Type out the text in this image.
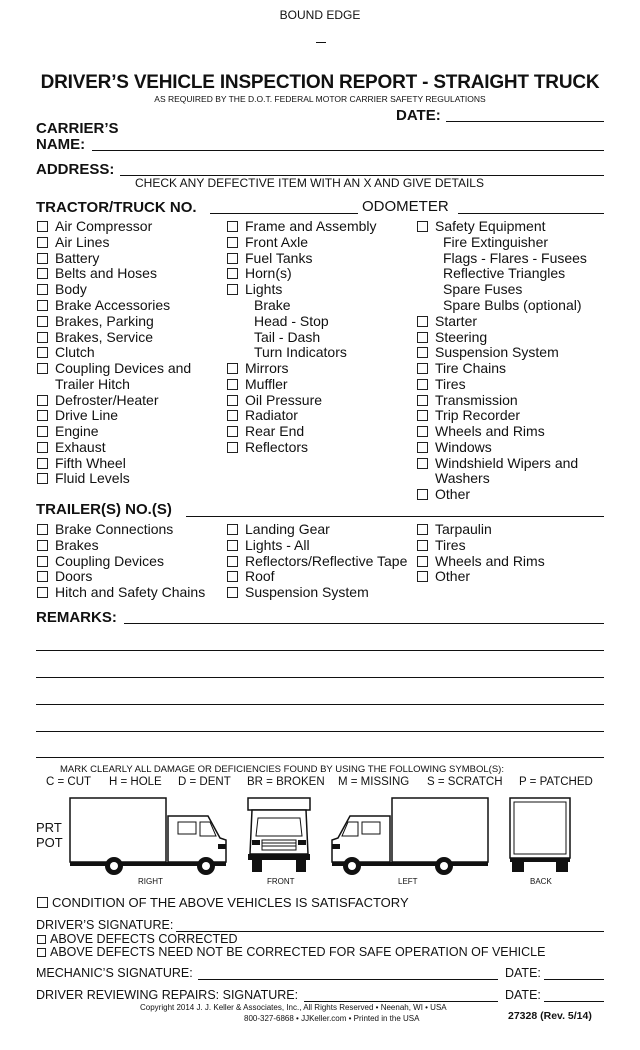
BOUND EDGE
DRIVER’S VEHICLE INSPECTION REPORT - STRAIGHT TRUCK
AS REQUIRED BY THE D.O.T. FEDERAL MOTOR CARRIER SAFETY REGULATIONS
DATE:
CARRIER’S
NAME:
ADDRESS:
CHECK ANY DEFECTIVE ITEM WITH AN X AND GIVE DETAILS
TRACTOR/TRUCK NO.	ODOMETER
Air Compressor
Air Lines
Battery
Belts and Hoses
Body
Brake Accessories
Brakes, Parking
Brakes, Service
Clutch
Coupling Devices and
Trailer Hitch
Defroster/Heater
Drive Line
Engine
Exhaust
Fifth Wheel
Fluid Levels
Frame and Assembly
Front Axle
Fuel Tanks
Horn(s)
Lights
Brake
Head - Stop
Tail - Dash
Turn Indicators
Mirrors
Muffler
Oil Pressure
Radiator
Rear End
Reflectors
Safety Equipment
Fire Extinguisher
Flags - Flares - Fusees
Reflective Triangles
Spare Fuses
Spare Bulbs (optional)
Starter
Steering
Suspension System
Tire Chains
Tires
Transmission
Trip Recorder
Wheels and Rims
Windows
Windshield Wipers and
Washers
Other
TRAILER(S) NO.(S)
Brake Connections
Brakes
Coupling Devices
Doors
Hitch and Safety Chains
Landing Gear
Lights - All
Reflectors/Reflective Tape
Roof
Suspension System
Tarpaulin
Tires
Wheels and Rims
Other
REMARKS:
MARK CLEARLY ALL DAMAGE OR DEFICIENCIES FOUND BY USING THE FOLLOWING SYMBOL(S):
C = CUT H = HOLE D = DENT BR = BROKEN M = MISSING S = SCRATCH P = PATCHED
PRT
POT
RIGHT	FRONT	LEFT	BACK
CONDITION OF THE ABOVE VEHICLES IS SATISFACTORY
DRIVER’S SIGNATURE:
ABOVE DEFECTS CORRECTED
ABOVE DEFECTS NEED NOT BE CORRECTED FOR SAFE OPERATION OF VEHICLE
MECHANIC’S SIGNATURE:	DATE:
DRIVER REVIEWING REPAIRS: SIGNATURE:	DATE:
Copyright 2014 J. J. Keller & Associates, Inc., All Rights Reserved • Neenah, WI • USA
800-327-6868 • JJKeller.com • Printed in the USA	27328 (Rev. 5/14)
